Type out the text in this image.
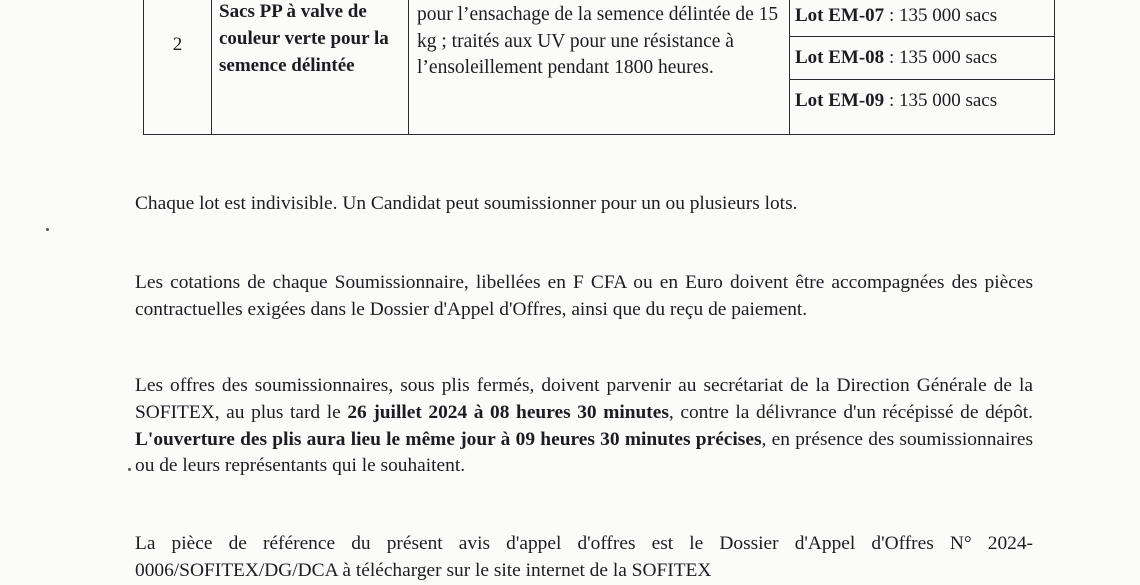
2
Sacs PP à valve de couleur verte pour la semence délintée
pour l’ensachage de la semence délintée de 15 kg ; traités aux UV pour une résistance à l’ensoleillement pendant 1800 heures.
Lot EM-07 : 135 000 sacs
Lot EM-08 : 135 000 sacs
Lot EM-09 : 135 000 sacs

Chaque lot est indivisible. Un Candidat peut soumissionner pour un ou plusieurs lots.

Les cotations de chaque Soumissionnaire, libellées en F CFA ou en Euro doivent être accompagnées des pièces contractuelles exigées dans le Dossier d'Appel d'Offres, ainsi que du reçu de paiement.

Les offres des soumissionnaires, sous plis fermés, doivent parvenir au secrétariat de la Direction Générale de la SOFITEX, au plus tard le 26 juillet 2024 à 08 heures 30 minutes, contre la délivrance d'un récépissé de dépôt. L'ouverture des plis aura lieu le même jour à 09 heures 30 minutes précises, en présence des soumissionnaires ou de leurs représentants qui le souhaitent.

La pièce de référence du présent avis d'appel d'offres est le Dossier d'Appel d'Offres N° 2024-0006/SOFITEX/DG/DCA à télécharger sur le site internet de la SOFITEX
